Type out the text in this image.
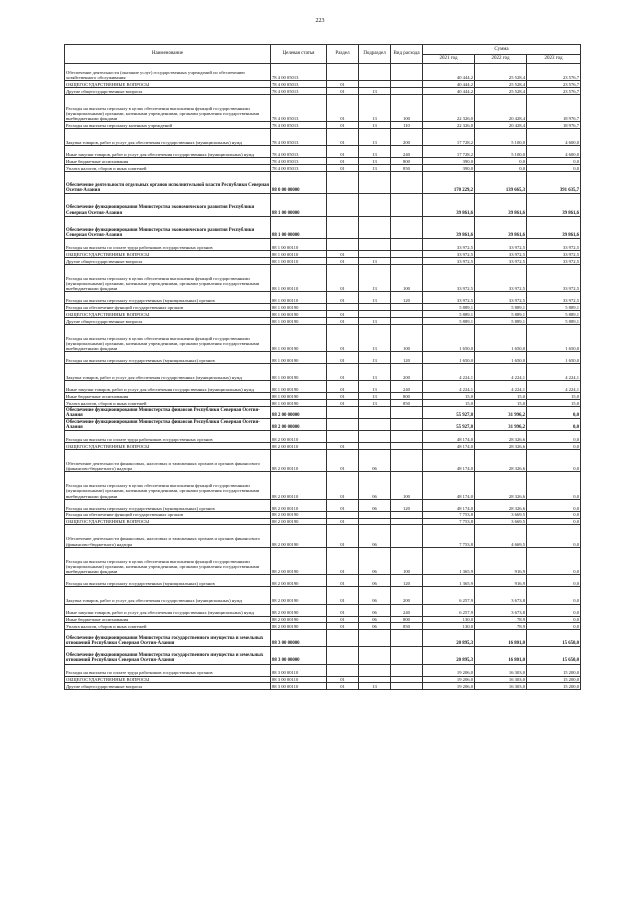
223
Наименование	Целевая статья	Раздел	Подраздел	Вид расхода	Сумма		
					2021 год	2022 год	2023 год
Обеспечение деятельности (оказание услуг) государственных учреждений по обеспечению хозяйственного обслуживания	78 4 00 05013				40 444,2	25 528,4	23 576,7
ОБЩЕГОСУДАРСТВЕННЫЕ ВОПРОСЫ	78 4 00 05013	01			40 444,2	25 528,4	23 576,7
Другие общегосударственные вопросы	78 4 00 05013	01	13		40 444,2	25 528,4	23 576,7
Расходы на выплаты персоналу в целях обеспечения выполнения функций государственными (муниципальными) органами, казенными учреждениями, органами управления государственными внебюджетными фондами	78 4 00 05013	01	13	100	22 326,0	20 428,4	18 976,7
Расходы на выплаты персоналу казенных учреждений	78 4 00 05013	01	13	110	22 326,0	20 428,4	18 976,7
Закупка товаров, работ и услуг для обеспечения государственных (муниципальных) нужд	78 4 00 05013	01	13	200	17 728,2	5 100,0	4 600,0
Иные закупки товаров, работ и услуг для обеспечения государственных (муниципальных) нужд	78 4 00 05013	01	13	240	17 728,2	5 100,0	4 600,0
Иные бюджетные ассигнования	78 4 00 05013	01	13	800	390,0	0,0	0,0
Уплата налогов, сборов и иных платежей	78 4 00 05013	01	13	850	390,0	0,0	0,0
Обеспечение деятельности отдельных органов исполнительной власти Республики Северная Осетия-Алания	88 0 00 00000				170 229,2	139 665,3	391 635,7
Обеспечение функционирования Министерства экономического развития Республики Северная Осетия-Алания	88 1 00 00000				39 861,6	39 861,6	39 861,6
Обеспечение функционирования Министерства экономического развития Республики Северная Осетия-Алания	88 1 00 00000				39 861,6	39 861,6	39 861,6
Расходы на выплаты по оплате труда работников государственных органов	88 1 00 00110				33 972,5	33 972,5	33 972,5
ОБЩЕГОСУДАРСТВЕННЫЕ ВОПРОСЫ	88 1 00 00110	01			33 972,5	33 972,5	33 972,5
Другие общегосударственные вопросы	88 1 00 00110	01	13		33 972,5	33 972,5	33 972,5
Расходы на выплаты персоналу в целях обеспечения выполнения функций государственными (муниципальными) органами, казенными учреждениями, органами управления государственными внебюджетными фондами	88 1 00 00110	01	13	100	33 972,5	33 972,5	33 972,5
Расходы на выплаты персоналу государственных (муниципальных) органов	88 1 00 00110	01	13	120	33 972,5	33 972,5	33 972,5
Расходы на обеспечение функций государственных органов	88 1 00 00190				5 889,1	5 889,1	5 889,1
ОБЩЕГОСУДАРСТВЕННЫЕ ВОПРОСЫ	88 1 00 00190	01			5 889,1	5 889,1	5 889,1
Другие общегосударственные вопросы	88 1 00 00190	01	13		5 889,1	5 889,1	5 889,1
Расходы на выплаты персоналу в целях обеспечения выполнения функций государственными (муниципальными) органами, казенными учреждениями, органами управления государственными внебюджетными фондами	88 1 00 00190	01	13	100	1 650,0	1 650,0	1 650,0
Расходы на выплаты персоналу государственных (муниципальных) органов	88 1 00 00190	01	13	120	1 650,0	1 650,0	1 650,0
Закупка товаров, работ и услуг для обеспечения государственных (муниципальных) нужд	88 1 00 00190	01	13	200	4 224,1	4 224,1	4 224,1
Иные закупки товаров, работ и услуг для обеспечения государственных (муниципальных) нужд	88 1 00 00190	01	13	240	4 224,1	4 224,1	4 224,1
Иные бюджетные ассигнования	88 1 00 00190	01	13	800	15,0	15,0	15,0
Уплата налогов, сборов и иных платежей	88 1 00 00190	01	13	850	15,0	15,0	15,0
Обеспечение функционирования Министерства финансов Республики Северная Осетия-Алания	88 2 00 00000				55 927,8	31 996,2	0,0
Обеспечение функционирования Министерства финансов Республики Северная Осетия-Алания	88 2 00 00000				55 927,8	31 996,2	0,0
Расходы на выплаты по оплате труда работников государственных органов	88 2 00 00110				48 174,0	28 326,6	0,0
ОБЩЕГОСУДАРСТВЕННЫЕ ВОПРОСЫ	88 2 00 00110	01			48 174,0	28 326,6	0,0
Обеспечение деятельности финансовых, налоговых и таможенных органов и органов финансового (финансово-бюджетного) надзора	88 2 00 00110	01	06		48 174,0	28 326,6	0,0
Расходы на выплаты персоналу в целях обеспечения выполнения функций государственными (муниципальными) органами, казенными учреждениями, органами управления государственными внебюджетными фондами	88 2 00 00110	01	06	100	48 174,0	28 326,6	0,0
Расходы на выплаты персоналу государственных (муниципальных) органов	88 2 00 00110	01	06	120	48 174,0	28 326,6	0,0
Расходы на обеспечение функций государственных органов	88 2 00 00190				7 753,8	3 669,5	0,0
ОБЩЕГОСУДАРСТВЕННЫЕ ВОПРОСЫ	88 2 00 00190	01			7 753,8	3 669,5	0,0
Обеспечение деятельности финансовых, налоговых и таможенных органов и органов финансового (финансово-бюджетного) надзора	88 2 00 00190	01	06		7 753,8	4 669,5	0,0
Расходы на выплаты персоналу в целях обеспечения выполнения функций государственными (муниципальными) органами, казенными учреждениями, органами управления государственными внебюджетными фондами	88 2 00 00190	01	06	100	1 365,9	916,9	0,0
Расходы на выплаты персоналу государственных (муниципальных) органов	88 2 00 00190	01	06	120	1 365,9	916,9	0,0
Закупка товаров, работ и услуг для обеспечения государственных (муниципальных) нужд	88 2 00 00190	01	06	200	6 257,9	3 673,8	0,0
Иные закупки товаров, работ и услуг для обеспечения государственных (муниципальных) нужд	88 2 00 00190	01	06	240	6 257,9	3 673,8	0,0
Иные бюджетные ассигнования	88 2 00 00190	01	06	800	130,0	78,9	0,0
Уплата налогов, сборов и иных платежей	88 2 00 00190	01	06	850	130,0	78,9	0,0
Обеспечение функционирования Министерства государственного имущества и земельных отношений Республики Северная Осетия-Алания	88 3 00 00000				20 895,3	16 801,0	15 650,0
Обеспечение функционирования Министерства государственного имущества и земельных отношений Республики Северная Осетия-Алания	88 3 00 00000				20 895,3	16 801,0	15 650,0
Расходы на выплаты по оплате труда работников государственных органов	88 3 00 00110				19 206,0	16 303,0	15 200,0
ОБЩЕГОСУДАРСТВЕННЫЕ ВОПРОСЫ	88 3 00 00110	01			19 206,0	16 303,0	15 200,0
Другие общегосударственные вопросы	88 3 00 00110	01	13		19 206,0	16 303,0	15 200,0
